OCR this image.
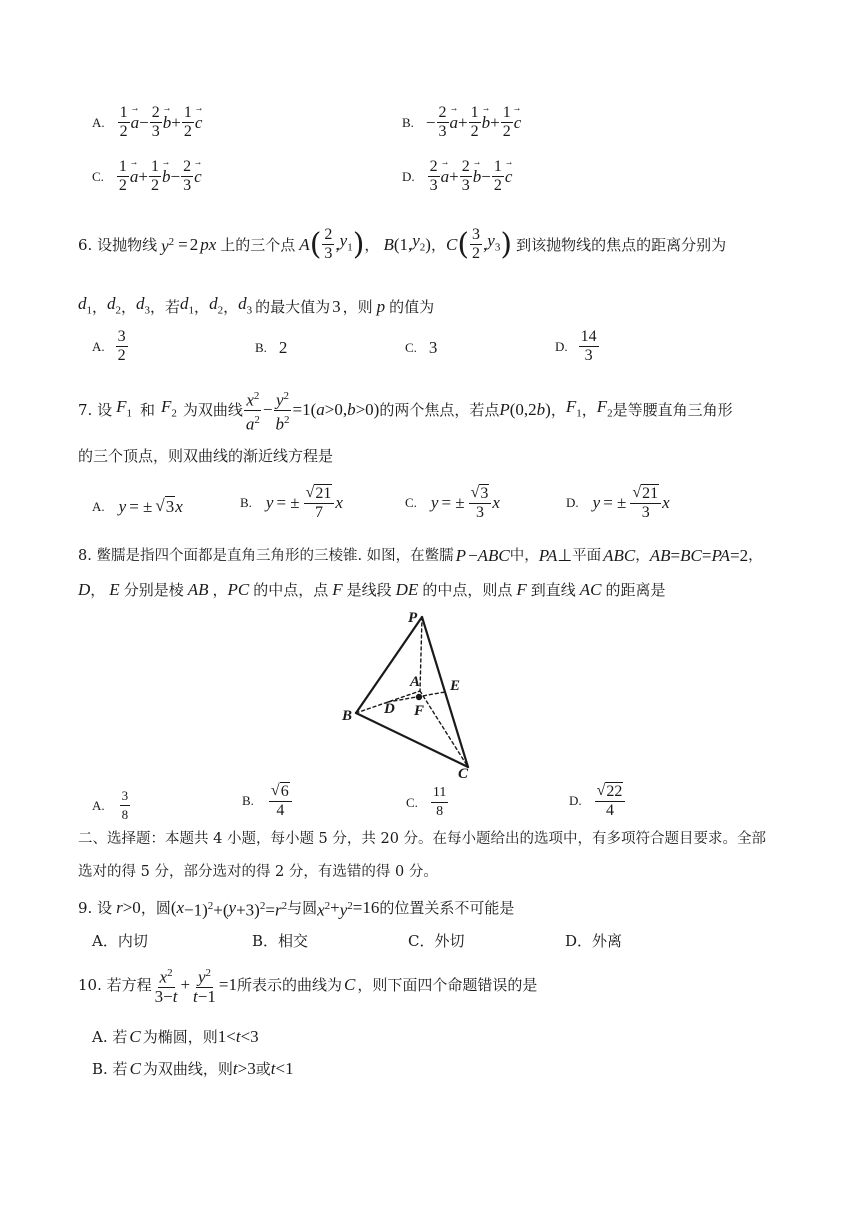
A. $\frac{1}{2}$
→ $a - \frac{2}{3}$
→ $b + \frac{1}{2}$
→ c	B. − $\frac{2}{3}$
→ $a + \frac{1}{2}$
→ $b + \frac{1}{2}$
→ c
C. $\frac{1}{2}$
→ $a + \frac{1}{2}$
→ $b - \frac{2}{3}$
→ c	D. $\frac{2}{3}$
→ $a + \frac{2}{3}$
→ $b - \frac{1}{2}$
→ c
6. 设抛物线 $y^2 = 2$ px 上的三个点 A ( $\frac{2}{3}$ , $y_1$ ) ， B (1, $y_2$ ) ， C ( $\frac{3}{2}$ , $y_3$ ) 到该抛物线的焦点的距离分别为
$d_1$ ， $d_2$ ， $d_3$ ，若 $d_1$ ， $d_2$ ， $d_3$ 的最大值为 3 ，则 p 的值为
A. $\frac{3}{2}$	B. 2	C. 3	D. $\frac{14}{3}$
7. 设 $F_1$ 和 $F_2$ 为双曲线 $\frac{x^2}{a^2} - \frac{y^2}{b^2} =1$( a >0, b >0) 的两个焦点，若点 P (0,2 b ) ， $F_1$ ， $F_2$ 是等腰直角三角形
的三个顶点，则双曲线的渐近线方程是
A. y = ± √ 3 x	B. y = ± $\frac{√ 21}{7}$ x	C. y = ± $\frac{√ 3}{3}$ x	D. y = ± $\frac{√ 21}{3}$ x
8. 鳖臑是指四个面都是直角三角形的三棱锥. 如图，在鳖臑 P − ABC 中， PA ⊥ 平面 ABC ， AB = BC = PA =2 ，
D ， E 分别是棱 AB ， PC 的中点，点 F 是线段 DE 的中点，则点 F 到直线 AC 的距离是
P
A E
B D F
C
A. $\frac{3}{8}$	B. $\frac{√ 6}{4}$	C. $\frac{11}{8}$	D. $\frac{√ 22}{4}$
二、选择题：本题共 4 小题，每小题 5 分，共 20 分。在每小题给出的选项中，有多项符合题目要求。全部
选对的得 5 分，部分选对的得 2 分，有选错的得 0 分。
9. 设 r >0 ，圆 ( x −1)$^2$+( $y +3)^2= r^2$ 与圆 $x^2 + y^2 =16$ 的位置关系不可能是
A． 内切	B． 相交	C． 外切	D． 外离
10. 若方程 $\frac{x^2}{3-t} + \frac{y^2}{t-1} =1$ 所表示的曲线为 C ，则下面四个命题错误的是
A. 若 C 为椭圆，则 1< t <3
B. 若 C 为双曲线，则 t >3 或 t <1
